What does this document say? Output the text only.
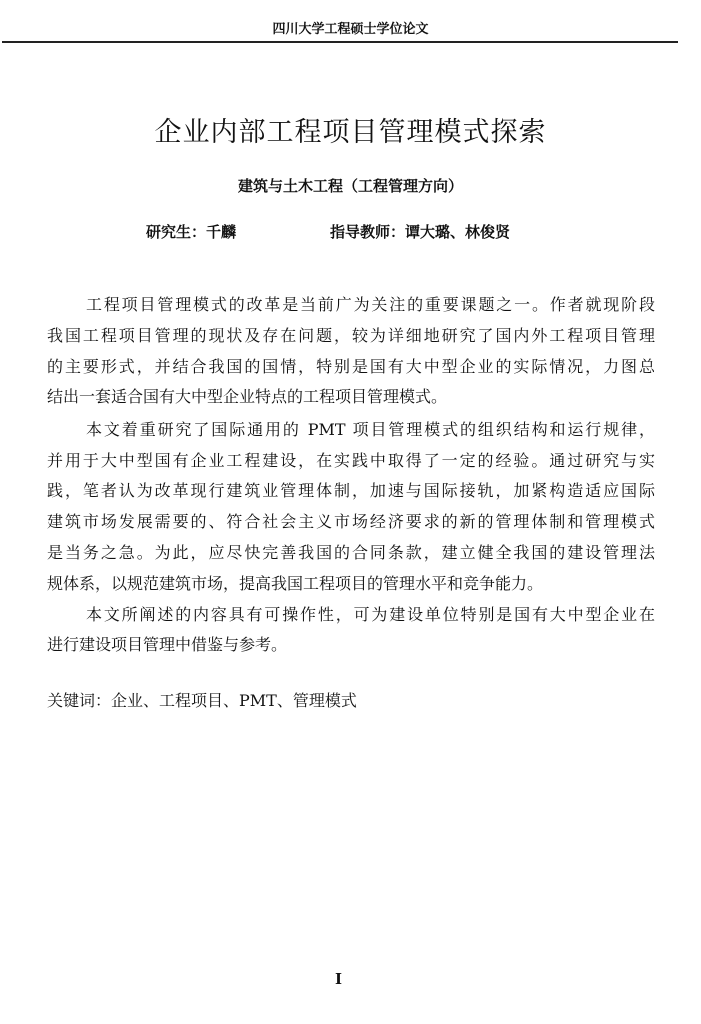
四川大学工程硕士学位论文
企业内部工程项目管理模式探索
建筑与土木工程（工程管理方向）
研究生：千麟	指导教师：谭大璐、林俊贤
工程项目管理模式的改革是当前广为关注的重要课题之一。作者就现阶段
我国工程项目管理的现状及存在问题，较为详细地研究了国内外工程项目管理
的主要形式，并结合我国的国情，特别是国有大中型企业的实际情况，力图总
结出一套适合国有大中型企业特点的工程项目管理模式。
本文着重研究了国际通用的 PMT 项目管理模式的组织结构和运行规律，
并用于大中型国有企业工程建设，在实践中取得了一定的经验。通过研究与实
践，笔者认为改革现行建筑业管理体制，加速与国际接轨，加紧构造适应国际
建筑市场发展需要的、符合社会主义市场经济要求的新的管理体制和管理模式
是当务之急。为此，应尽快完善我国的合同条款，建立健全我国的建设管理法
规体系，以规范建筑市场，提高我国工程项目的管理水平和竞争能力。
本文所阐述的内容具有可操作性，可为建设单位特别是国有大中型企业在
进行建设项目管理中借鉴与参考。
关键词：企业、工程项目、PMT、管理模式
I
